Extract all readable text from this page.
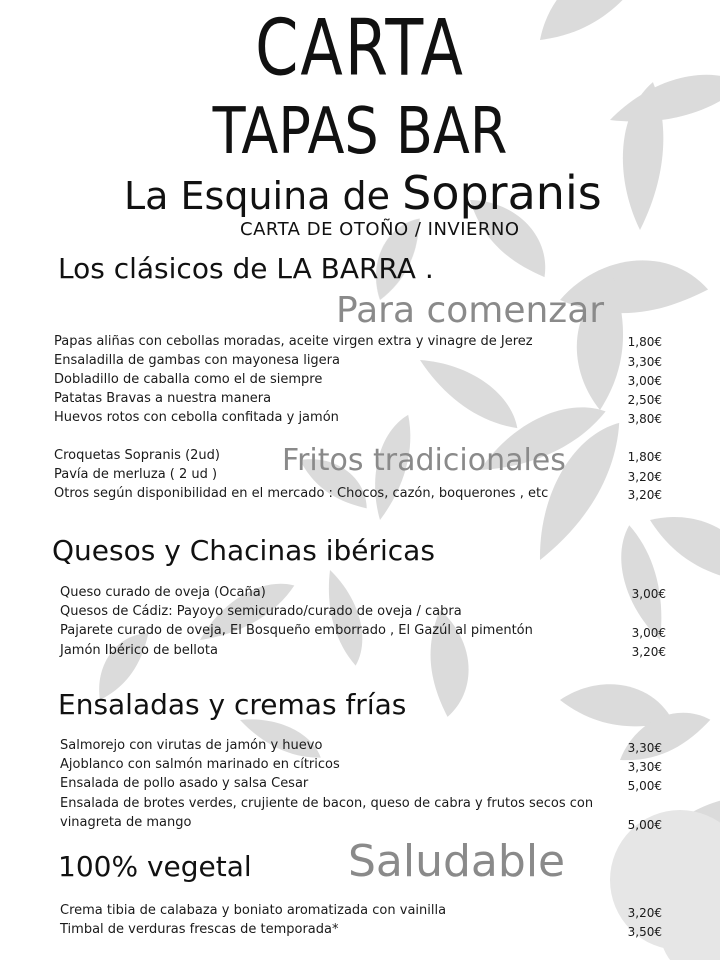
CARTA
TAPAS BAR
La Esquina de Sopranis
CARTA DE OTOÑO / INVIERNO
Los clásicos de LA BARRA .
Para comenzar
Papas aliñas con cebollas moradas, aceite virgen extra y vinagre de Jerez	1,80€
Ensaladilla de gambas con mayonesa ligera	3,30€
Dobladillo de caballa como el de siempre	3,00€
Patatas Bravas a nuestra manera	2,50€
Huevos rotos con cebolla confitada y jamón	3,80€
Fritos tradicionales
Croquetas Sopranis (2ud)	1,80€
Pavía de merluza ( 2 ud )	3,20€
Otros según disponibilidad en el mercado : Chocos, cazón, boquerones , etc	3,20€
Quesos y Chacinas ibéricas
Queso curado de oveja (Ocaña)	3,00€
Quesos de Cádiz: Payoyo semicurado/curado de oveja / cabra
Pajarete curado de oveja, El Bosqueño emborrado , El Gazúl al pimentón	3,00€
Jamón Ibérico de bellota	3,20€
Ensaladas y cremas frías
Salmorejo con virutas de jamón y huevo	3,30€
Ajoblanco con salmón marinado en cítricos	3,30€
Ensalada de pollo asado y salsa Cesar	5,00€
Ensalada de brotes verdes, crujiente de bacon, queso de cabra y frutos secos con
vinagreta de mango	5,00€
100% vegetal Saludable
Crema tibia de calabaza y boniato aromatizada con vainilla	3,20€
Timbal de verduras frescas de temporada*	3,50€
